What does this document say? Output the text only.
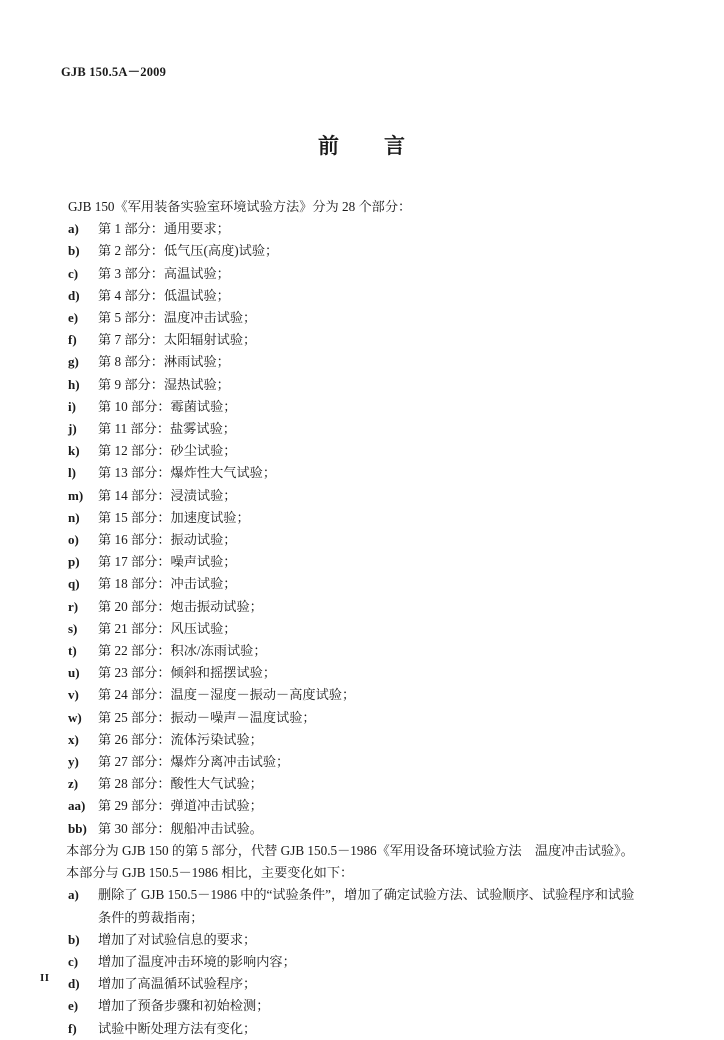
GJB 150.5A－2009
前　　言

GJB 150《军用装备实验室环境试验方法》分为 28 个部分：

a)	第 1 部分：通用要求；
b)	第 2 部分：低气压(高度)试验；
c)	第 3 部分：高温试验；
d)	第 4 部分：低温试验；
e)	第 5 部分：温度冲击试验；
f)	第 7 部分：太阳辐射试验；
g)	第 8 部分：淋雨试验；
h)	第 9 部分：湿热试验；
i)	第 10 部分：霉菌试验；
j)	第 11 部分：盐雾试验；
k)	第 12 部分：砂尘试验；
l)	第 13 部分：爆炸性大气试验；
m)	第 14 部分：浸渍试验；
n)	第 15 部分：加速度试验；
o)	第 16 部分：振动试验；
p)	第 17 部分：噪声试验；
q)	第 18 部分：冲击试验；
r)	第 20 部分：炮击振动试验；
s)	第 21 部分：风压试验；
t)	第 22 部分：积冰/冻雨试验；
u)	第 23 部分：倾斜和摇摆试验；
v)	第 24 部分：温度－湿度－振动－高度试验；
w)	第 25 部分：振动－噪声－温度试验；
x)	第 26 部分：流体污染试验；
y)	第 27 部分：爆炸分离冲击试验；
z)	第 28 部分：酸性大气试验；
aa) 第 29 部分：弹道冲击试验；
bb) 第 30 部分：舰船冲击试验。

本部分为 GJB 150 的第 5 部分，代替 GJB 150.5－1986《军用设备环境试验方法　温度冲击试验》。

本部分与 GJB 150.5－1986 相比，主要变化如下：

a)	删除了 GJB 150.5－1986 中的“试验条件”，增加了确定试验方法、试验顺序、试验程序和试验条件的剪裁指南；
b)	增加了对试验信息的要求；
c)	增加了温度冲击环境的影响内容；
d)	增加了高温循环试验程序；
e)	增加了预备步骤和初始检测；
f)	试验中断处理方法有变化；
II
